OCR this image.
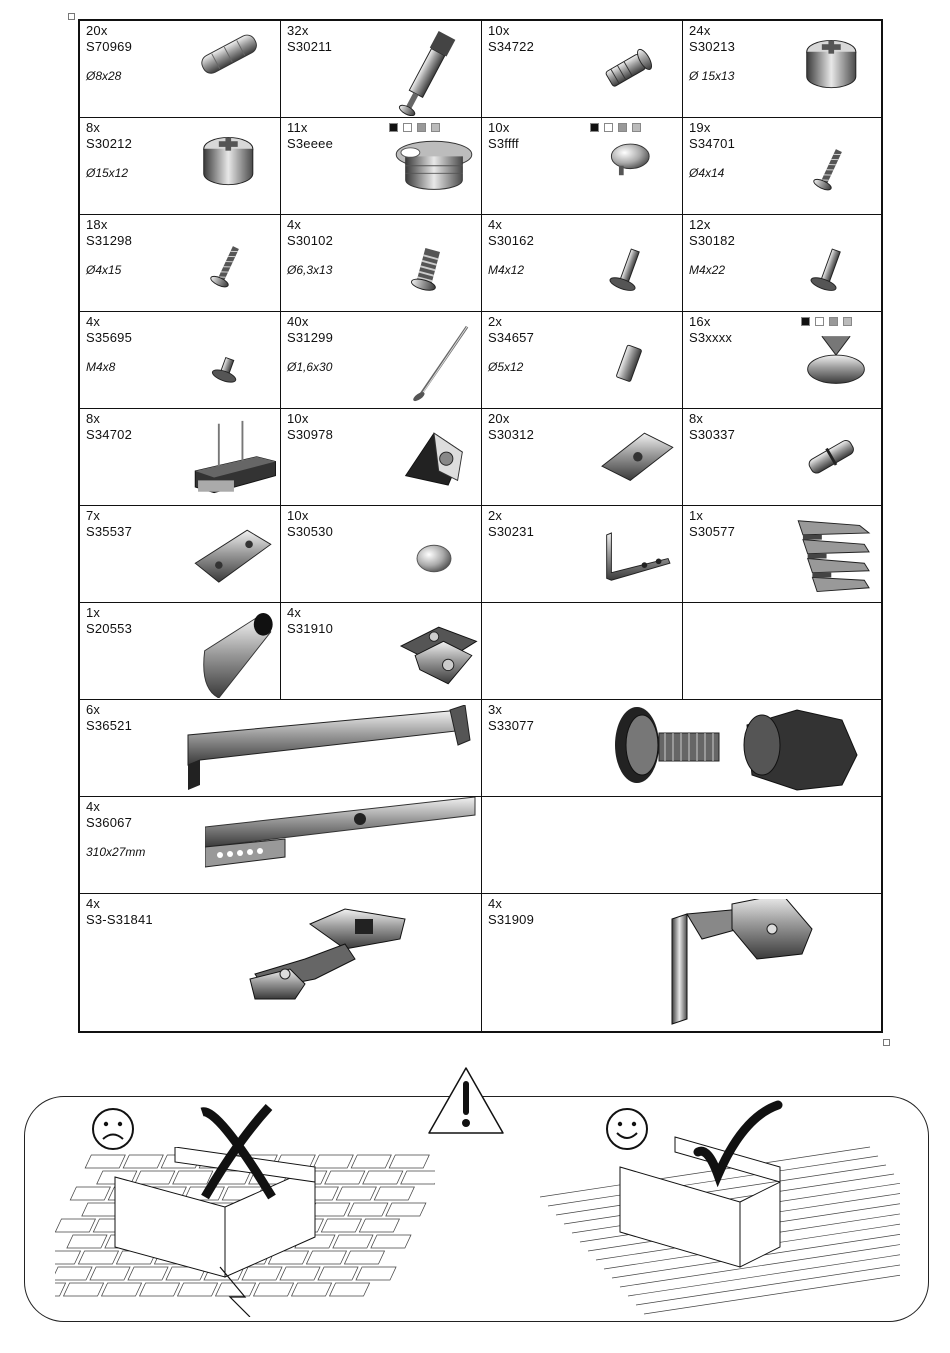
20x
S70969
Ø8x28
32x
S30211
10x
S34722
24x
S30213
Ø 15x13
8x
S30212
Ø15x12
11x
S3eeee
10x
S3ffff
19x
S34701
Ø4x14
18x
S31298
Ø4x15
4x
S30102
Ø6,3x13
4x
S30162
M4x12
12x
S30182
M4x22
4x
S35695
M4x8
40x
S31299
Ø1,6x30
2x
S34657
Ø5x12
16x
S3xxxx
8x
S34702
10x
S30978
20x
S30312
8x
S30337
7x
S35537
10x
S30530
2x
S30231
1x
S30577
1x
S20553
4x
S31910
6x
S36521
3x
S33077
4x
S36067
310x27mm
4x
S3-S31841
4x
S31909
